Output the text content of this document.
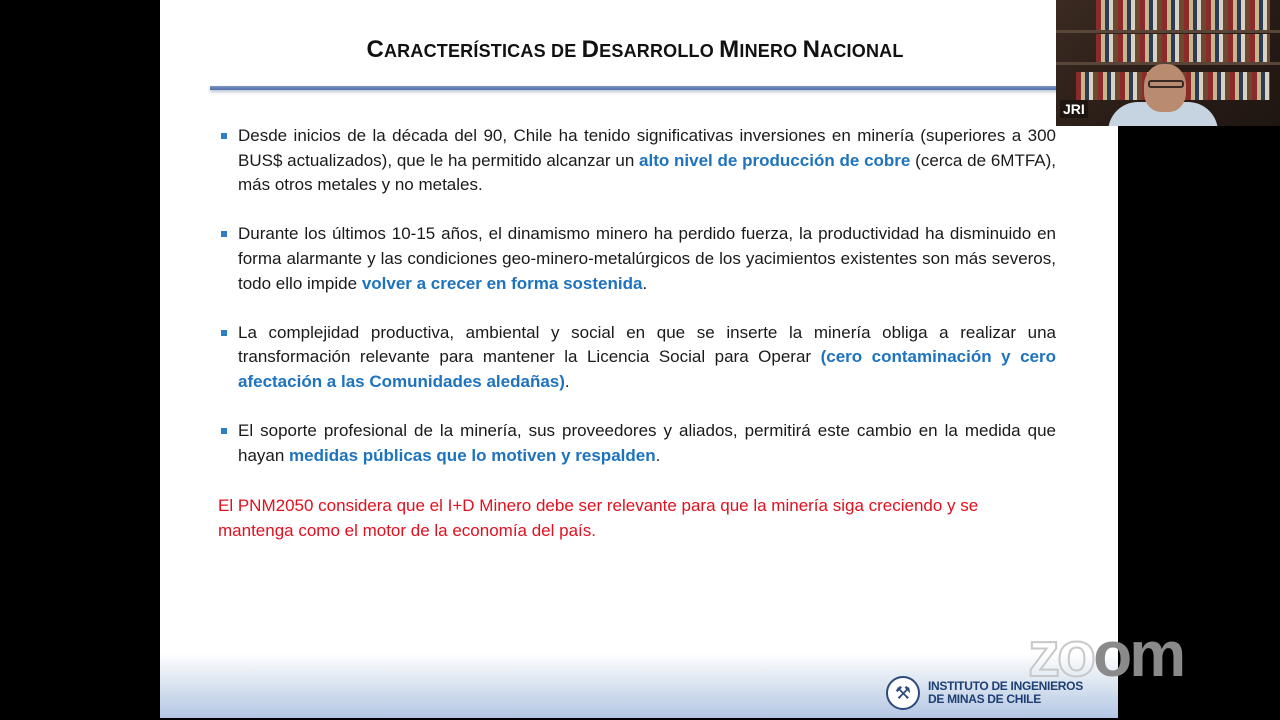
CARACTERÍSTICAS DE DESARROLLO MINERO NACIONAL
Desde inicios de la década del 90, Chile ha tenido significativas inversiones en minería (superiores a 300 BUS$ actualizados), que le ha permitido alcanzar un alto nivel de producción de cobre (cerca de 6MTFA), más otros metales y no metales.
Durante los últimos 10-15 años, el dinamismo minero ha perdido fuerza, la productividad ha disminuido en forma alarmante y las condiciones geo-minero-metalúrgicos de los yacimientos existentes son más severos, todo ello impide volver a crecer en forma sostenida.
La complejidad productiva, ambiental y social en que se inserte la minería obliga a realizar una transformación relevante para mantener la Licencia Social para Operar (cero contaminación y cero afectación a las Comunidades aledañas).
El soporte profesional de la minería, sus proveedores y aliados, permitirá este cambio en la medida que hayan medidas públicas que lo motiven y respalden.
El PNM2050 considera que el I+D Minero debe ser relevante para que la minería siga creciendo y se mantenga como el motor de la economía del país.
⚒	INSTITUTO DE INGENIEROS
DE MINAS DE CHILE
JRI
zoom
